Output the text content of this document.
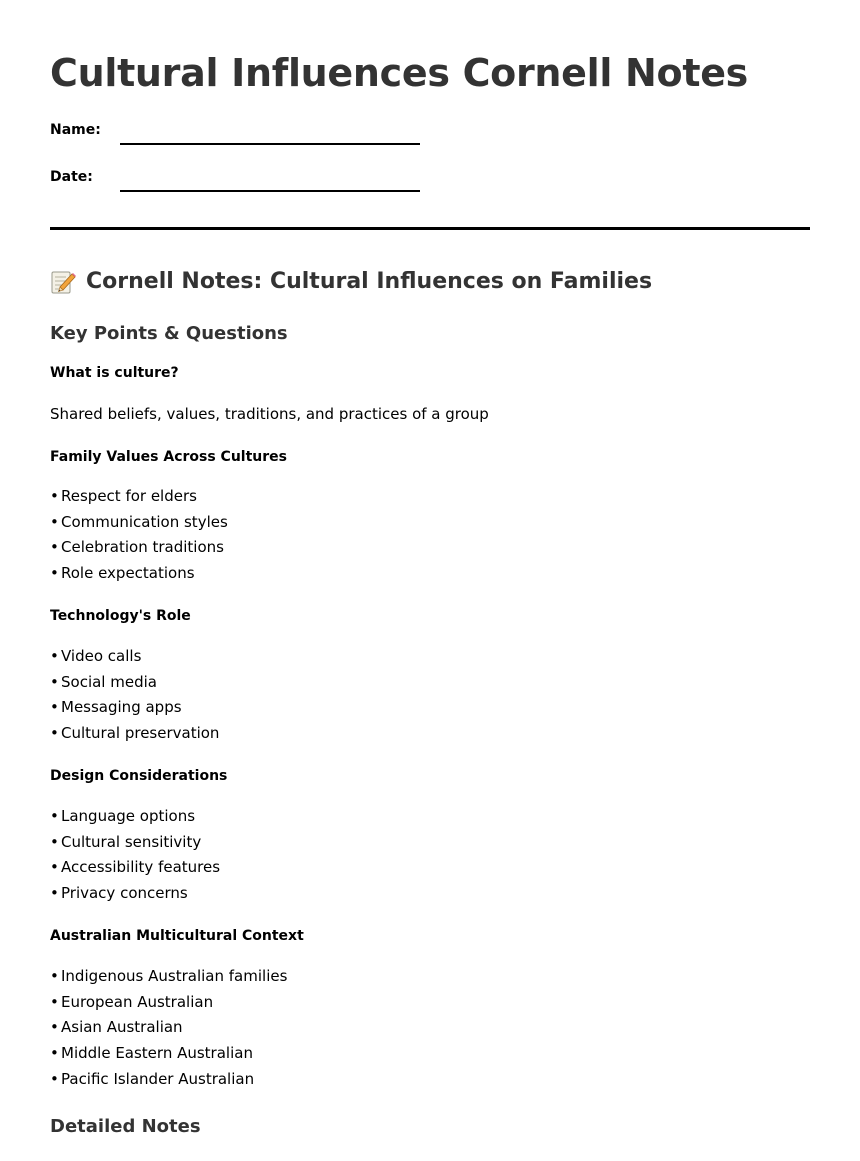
Cultural Influences Cornell Notes
Name:
Date:
Cornell Notes: Cultural Influences on Families
Key Points & Questions
What is culture?

Shared beliefs, values, traditions, and practices of a group

Family Values Across Cultures
• Respect for elders
• Communication styles
• Celebration traditions
• Role expectations
Technology's Role
• Video calls
• Social media
• Messaging apps
• Cultural preservation
Design Considerations
• Language options
• Cultural sensitivity
• Accessibility features
• Privacy concerns
Australian Multicultural Context
• Indigenous Australian families
• European Australian
• Asian Australian
• Middle Eastern Australian
• Pacific Islander Australian
Detailed Notes
